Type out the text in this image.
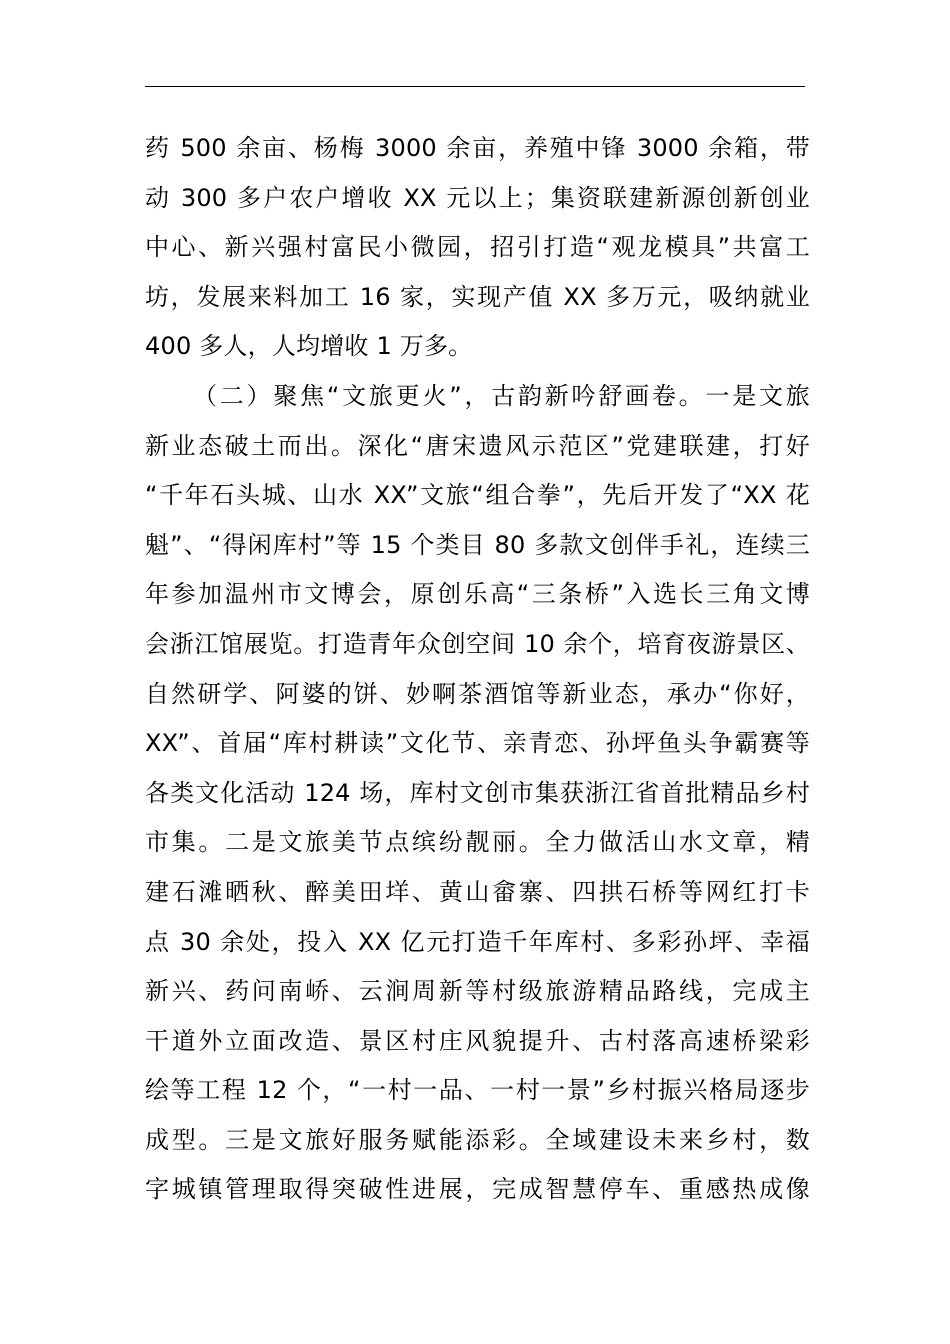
药 500 余亩、杨梅 3000 余亩，养殖中锋 3000 余箱，带
动 300 多户农户增收 XX 元以上；集资联建新源创新创业
中心、新兴强村富民小微园，招引打造“观龙模具”共富工
坊，发展来料加工 16 家，实现产值 XX 多万元，吸纳就业
400 多人，人均增收 1 万多。
（二）聚焦“文旅更火”，古韵新吟舒画卷。一是文旅
新业态破土而出。深化“唐宋遗风示范区”党建联建，打好
“千年石头城、山水 XX”文旅“组合拳”，先后开发了“XX 花
魁”、“得闲库村”等 15 个类目 80 多款文创伴手礼，连续三
年参加温州市文博会，原创乐高“三条桥”入选长三角文博
会浙江馆展览。打造青年众创空间 10 余个，培育夜游景区、
自然研学、阿婆的饼、妙啊茶酒馆等新业态，承办“你好，
XX”、首届“库村耕读”文化节、亲青恋、孙坪鱼头争霸赛等
各类文化活动 124 场，库村文创市集获浙江省首批精品乡村
市集。二是文旅美节点缤纷靓丽。全力做活山水文章，精
建石滩晒秋、醉美田垟、黄山畲寨、四拱石桥等网红打卡
点 30 余处，投入 XX 亿元打造千年库村、多彩孙坪、幸福
新兴、药问南峤、云涧周新等村级旅游精品路线，完成主
干道外立面改造、景区村庄风貌提升、古村落高速桥梁彩
绘等工程 12 个，“一村一品、一村一景”乡村振兴格局逐步
成型。三是文旅好服务赋能添彩。全域建设未来乡村，数
字城镇管理取得突破性进展，完成智慧停车、重感热成像
